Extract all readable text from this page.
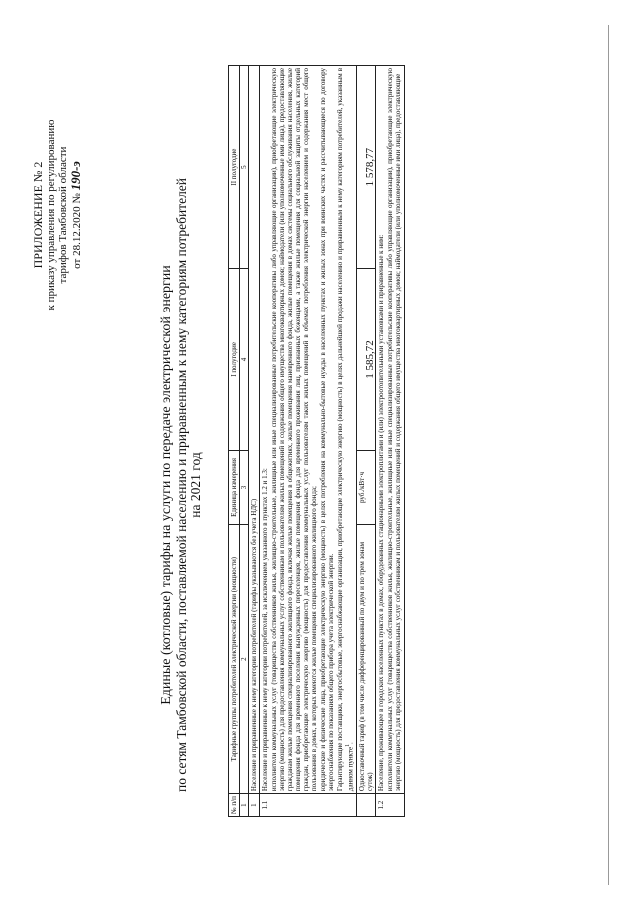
ПРИЛОЖЕНИЕ № 2 к приказу управления по регулированию тарифов Тамбовской области от 28.12.2020 № 190-э
Единые (котловые) тарифы на услуги по передаче электрической энергии по сетям Тамбовской области, поставляемой населению и приравненным к нему категориям потребителей на 2021 год
№ п/п	Тарифные группы потребителей электрической энергии (мощности)	Единица измерения	I полугодие	II полугодие
1	2	3	4	5
1	Население и приравненные к нему категории потребителей (тарифы указываются без учета НДС)			
1.1	Население и приравненные к нему категории потребителей, за исключением указанного в пунктах 1.2 и 1.3: исполнители коммунальных услуг (товарищества собственников жилья, жилищно-строительные, жилищные или иные специализированные потребительские кооперативы либо управляющие организации), приобретающие электрическую энергию (мощность) для предоставления коммунальных услуг собственникам и пользователям жилых помещений и содержания общего имущества многоквартирных домов; наймодатели (или уполномоченные ими лица), предоставляющие гражданам жилые помещения специализированного жилищного фонда, включая жилые помещения в общежитиях, жилые помещения маневренного фонда, жилые помещения в домах системы социального обслуживания населения, жилые помещения фонда для временного поселения вынужденных переселенцев, жилые помещения фонда для временного проживания лиц, признанных беженцами, а также жилые помещения для социальной защиты отдельных категорий граждан, приобретающие электрическую энергию (мощность) для предоставления коммунальных услуг пользователям таких жилых помещений в объемах потребления электрической энергии населением и содержания мест общего пользования в домах, в которых имеются жилые помещения специализированного жилищного фонда; юридические и физические лица, приобретающие электрическую энергию (мощность) в целях потребления на коммунально-бытовые нужды в населенных пунктах и жилых зонах при воинских частях и рассчитывающиеся по договору энергоснабжения по показаниям общего прибора учета электрической энергии. Гарантирующие поставщики, энергосбытовые, энергоснабжающие организации, приобретающие электрическую энергию (мощность) в целях дальнейшей продажи населению и приравненным к нему категориям потребителей, указанным в данном пункте$^1$.			

	Одноставочный тариф (в том числе дифференцированный по двум и по трем зонам суток)	руб./кВт·ч	1 585,72	1 578,77
1.2	Население, проживающее в городских населенных пунктах в домах, оборудованных стационарными электроплитами и (или) электроотопительными установками и приравненные к ним: исполнители коммунальных услуг (товарищества собственников жилья, жилищно-строительные, жилищные или иные специализированные потребительские кооперативы либо управляющие организации), приобретающие электрическую энергию (мощность) для предоставления коммунальных услуг собственникам и пользователям жилых помещений и содержания общего имущества многоквартирных домов; наймодатели (или уполномоченные ими лица), предоставляющие			
